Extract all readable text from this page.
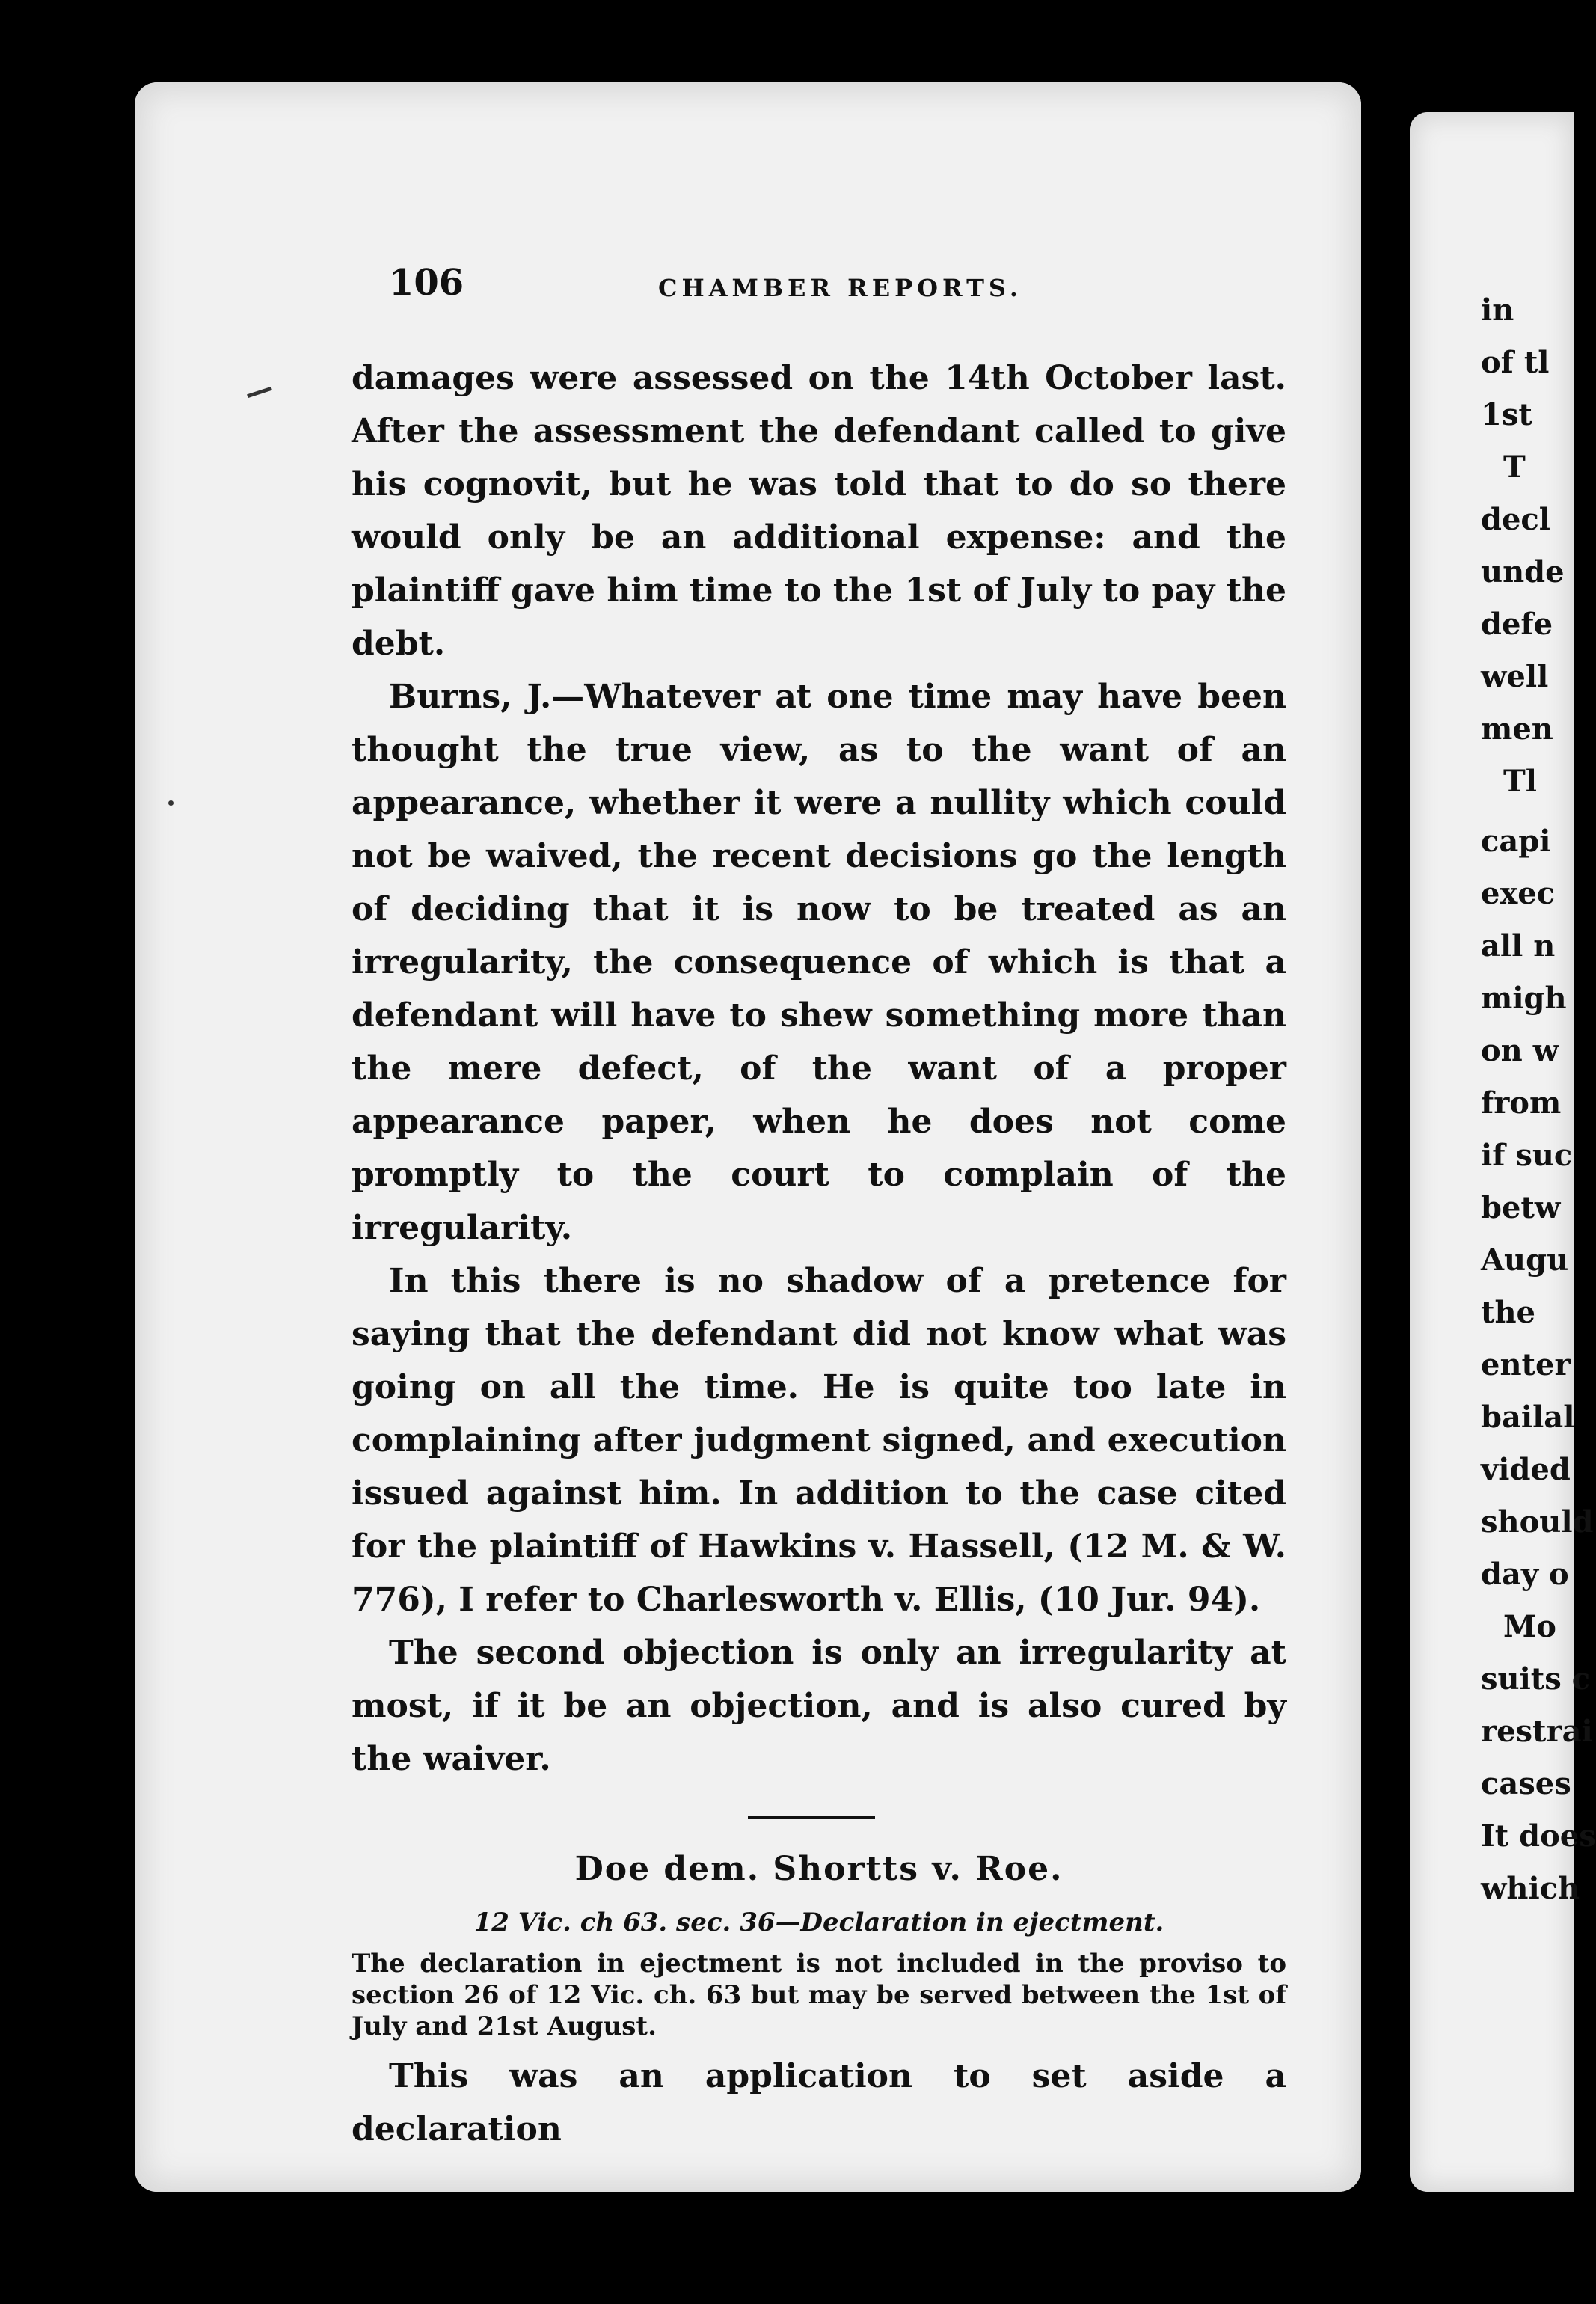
106	CHAMBER REPORTS.

damages were assessed on the 14th October last. After the assessment the defendant called to give his cognovit, but he was told that to do so there would only be an additional expense: and the plaintiff gave him time to the 1st of July to pay the debt.

Burns, J.—Whatever at one time may have been thought the true view, as to the want of an appearance, whether it were a nullity which could not be waived, the recent decisions go the length of deciding that it is now to be treated as an irregularity, the consequence of which is that a defendant will have to shew something more than the mere defect, of the want of a proper appearance paper, when he does not come promptly to the court to complain of the irregularity.

In this there is no shadow of a pretence for saying that the defendant did not know what was going on all the time. He is quite too late in complaining after judgment signed, and execution issued against him. In addition to the case cited for the plaintiff of Hawkins v. Hassell, (12 M. & W. 776), I refer to Charlesworth v. Ellis, (10 Jur. 94).

The second objection is only an irregularity at most, if it be an objection, and is also cured by the waiver.

Doe dem. Shortts v. Roe.
12 Vic. ch 63. sec. 36—Declaration in ejectment.
The declaration in ejectment is not included in the proviso to section 26 of 12 Vic. ch. 63 but may be served between the 1st of July and 21st August.
This was an application to set aside a declaration
in
of tl
1st
T
decl
unde
defe
well
men
Tl
capi
exec
all n
migh
on w
from
if suc
betw
Augu
the
enter
bailal
vided
should
day o
Mo
suits c
restrai
cases
It does
which
